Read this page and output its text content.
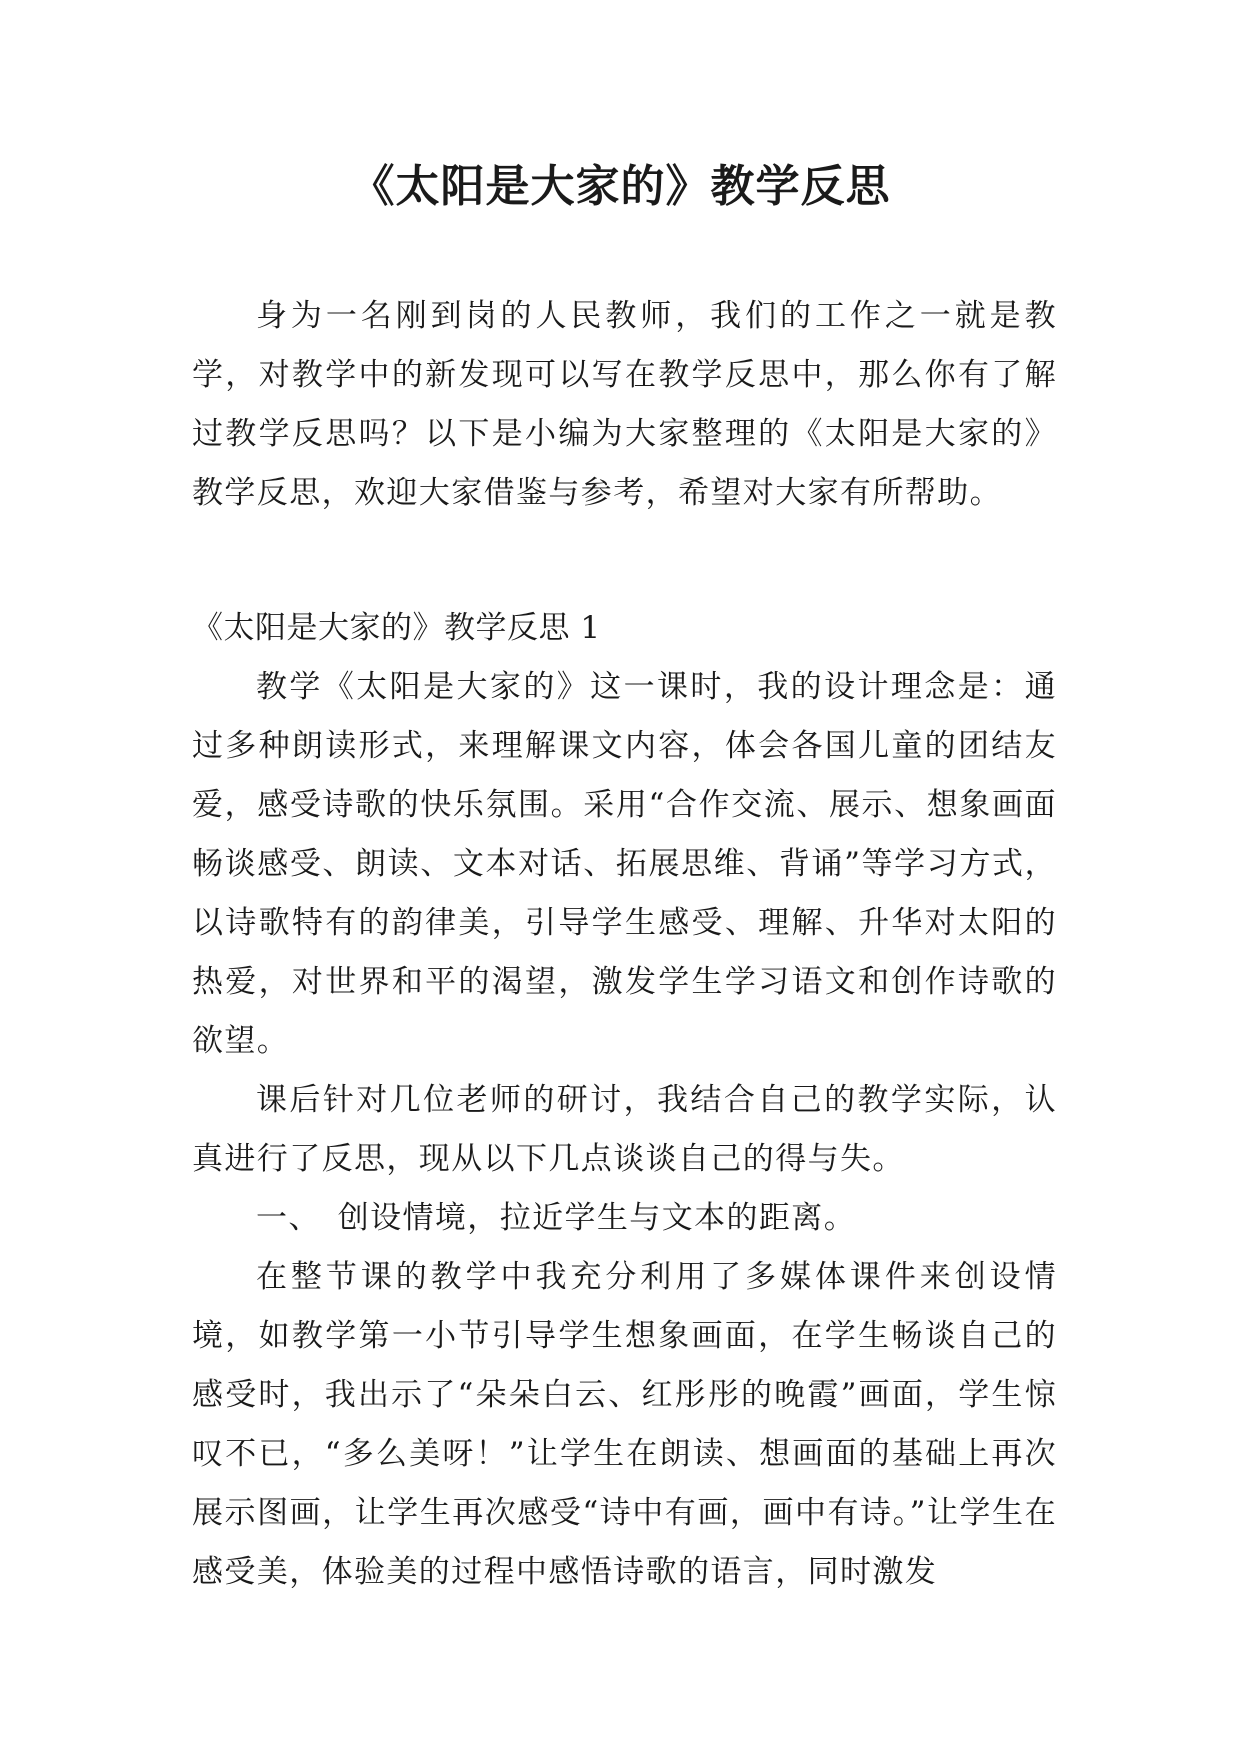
《太阳是大家的》教学反思

身为一名刚到岗的人民教师，我们的工作之一就是教学，对教学中的新发现可以写在教学反思中，那么你有了解过教学反思吗？以下是小编为大家整理的《太阳是大家的》教学反思，欢迎大家借鉴与参考，希望对大家有所帮助。

《太阳是大家的》教学反思 1

教学《太阳是大家的》这一课时，我的设计理念是：通过多种朗读形式，来理解课文内容，体会各国儿童的团结友爱，感受诗歌的快乐氛围。采用“合作交流、展示、想象画面畅谈感受、朗读、文本对话、拓展思维、背诵”等学习方式，以诗歌特有的韵律美，引导学生感受、理解、升华对太阳的热爱，对世界和平的渴望，激发学生学习语文和创作诗歌的欲望。

课后针对几位老师的研讨，我结合自己的教学实际，认真进行了反思，现从以下几点谈谈自己的得与失。

一、　创设情境，拉近学生与文本的距离。

在整节课的教学中我充分利用了多媒体课件来创设情境，如教学第一小节引导学生想象画面，在学生畅谈自己的感受时，我出示了“朵朵白云、红彤彤的晚霞”画面，学生惊叹不已，“多么美呀！”让学生在朗读、想画面的基础上再次展示图画，让学生再次感受“诗中有画，画中有诗。”让学生在感受美，体验美的过程中感悟诗歌的语言，同时激发
